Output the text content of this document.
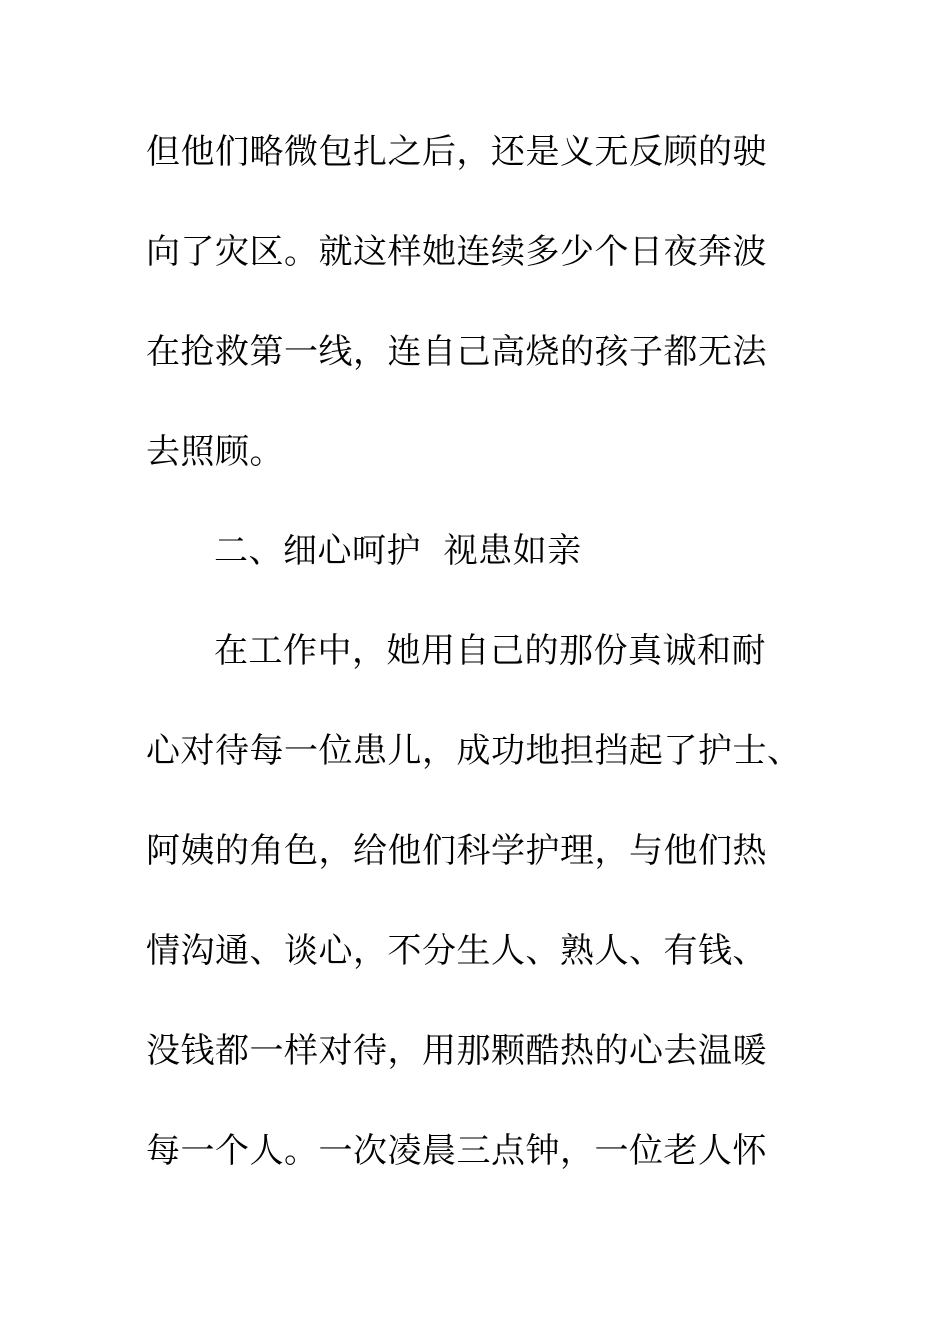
但他们略微包扎之后，还是义无反顾的驶
向了灾区。就这样她连续多少个日夜奔波
在抢救第一线，连自己高烧的孩子都无法
去照顾。
二、细心呵护  视患如亲
在工作中，她用自己的那份真诚和耐
心对待每一位患儿，成功地担挡起了护士、
阿姨的角色，给他们科学护理，与他们热
情沟通、谈心，不分生人、熟人、有钱、
没钱都一样对待，用那颗酷热的心去温暖
每一个人。一次凌晨三点钟，一位老人怀
